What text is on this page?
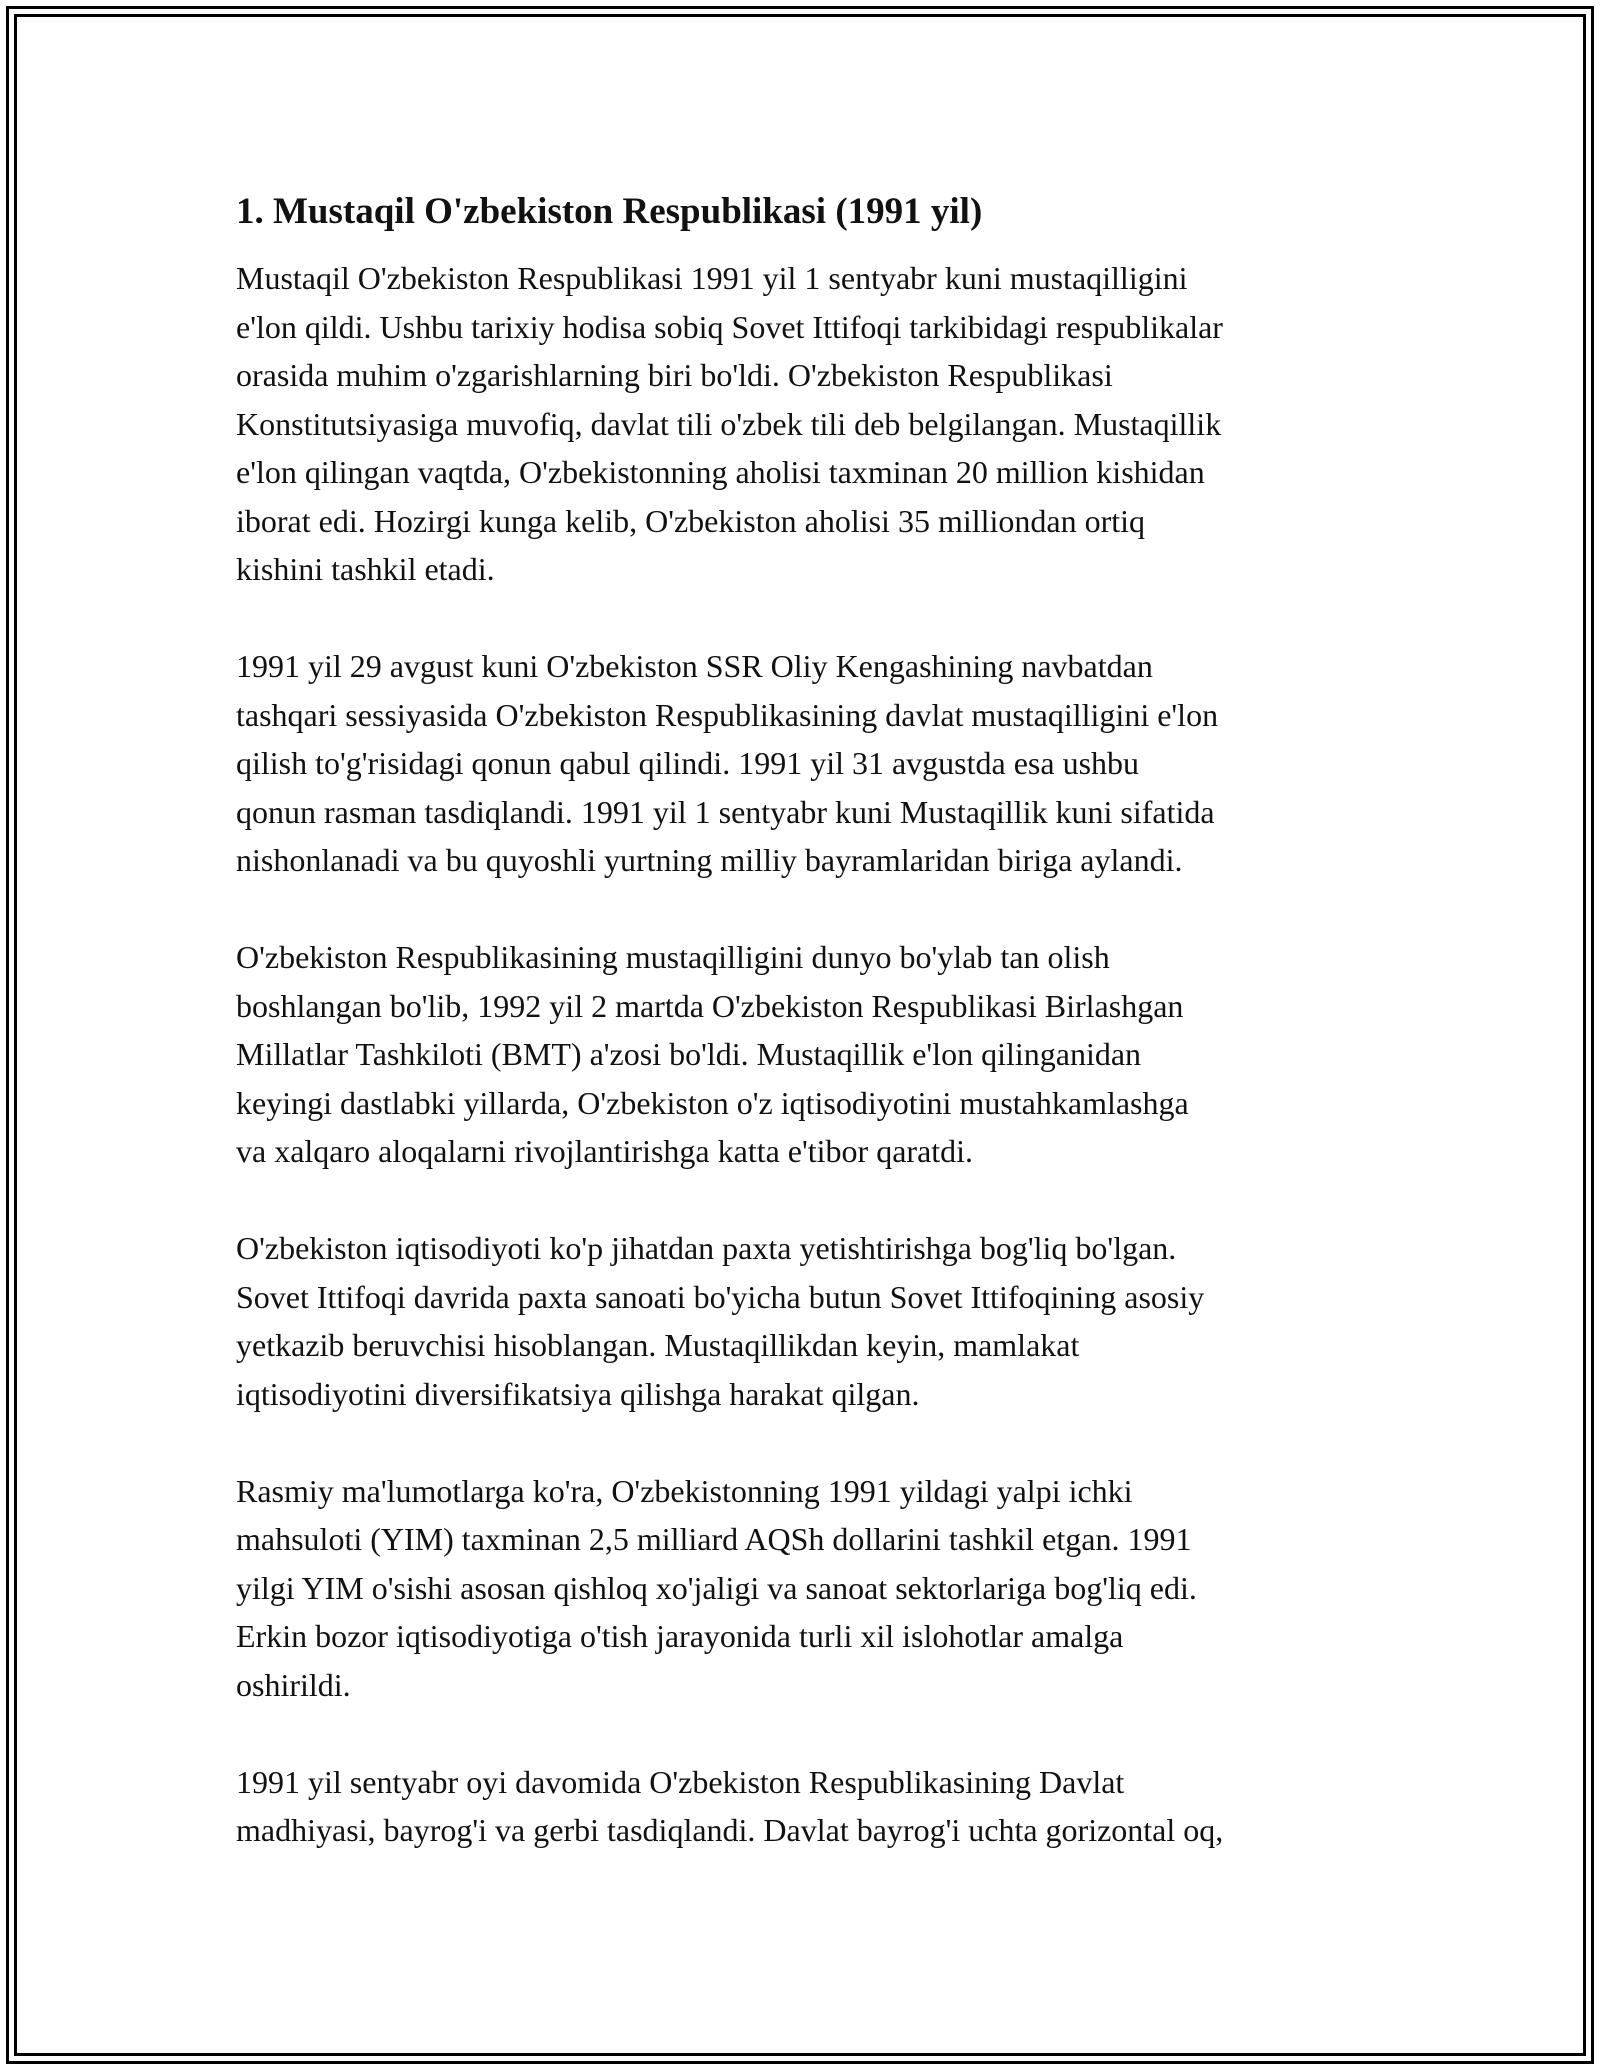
1. Mustaqil O'zbekiston Respublikasi (1991 yil)
Mustaqil O'zbekiston Respublikasi 1991 yil 1 sentyabr kuni mustaqilligini
e'lon qildi. Ushbu tarixiy hodisa sobiq Sovet Ittifoqi tarkibidagi respublikalar
orasida muhim o'zgarishlarning biri bo'ldi. O'zbekiston Respublikasi
Konstitutsiyasiga muvofiq, davlat tili o'zbek tili deb belgilangan. Mustaqillik
e'lon qilingan vaqtda, O'zbekistonning aholisi taxminan 20 million kishidan
iborat edi. Hozirgi kunga kelib, O'zbekiston aholisi 35 milliondan ortiq
kishini tashkil etadi.
1991 yil 29 avgust kuni O'zbekiston SSR Oliy Kengashining navbatdan
tashqari sessiyasida O'zbekiston Respublikasining davlat mustaqilligini e'lon
qilish to'g'risidagi qonun qabul qilindi. 1991 yil 31 avgustda esa ushbu
qonun rasman tasdiqlandi. 1991 yil 1 sentyabr kuni Mustaqillik kuni sifatida
nishonlanadi va bu quyoshli yurtning milliy bayramlaridan biriga aylandi.
O'zbekiston Respublikasining mustaqilligini dunyo bo'ylab tan olish
boshlangan bo'lib, 1992 yil 2 martda O'zbekiston Respublikasi Birlashgan
Millatlar Tashkiloti (BMT) a'zosi bo'ldi. Mustaqillik e'lon qilinganidan
keyingi dastlabki yillarda, O'zbekiston o'z iqtisodiyotini mustahkamlashga
va xalqaro aloqalarni rivojlantirishga katta e'tibor qaratdi.
O'zbekiston iqtisodiyoti ko'p jihatdan paxta yetishtirishga bog'liq bo'lgan.
Sovet Ittifoqi davrida paxta sanoati bo'yicha butun Sovet Ittifoqining asosiy
yetkazib beruvchisi hisoblangan. Mustaqillikdan keyin, mamlakat
iqtisodiyotini diversifikatsiya qilishga harakat qilgan.
Rasmiy ma'lumotlarga ko'ra, O'zbekistonning 1991 yildagi yalpi ichki
mahsuloti (YIM) taxminan 2,5 milliard AQSh dollarini tashkil etgan. 1991
yilgi YIM o'sishi asosan qishloq xo'jaligi va sanoat sektorlariga bog'liq edi.
Erkin bozor iqtisodiyotiga o'tish jarayonida turli xil islohotlar amalga
oshirildi.
1991 yil sentyabr oyi davomida O'zbekiston Respublikasining Davlat
madhiyasi, bayrog'i va gerbi tasdiqlandi. Davlat bayrog'i uchta gorizontal oq,
